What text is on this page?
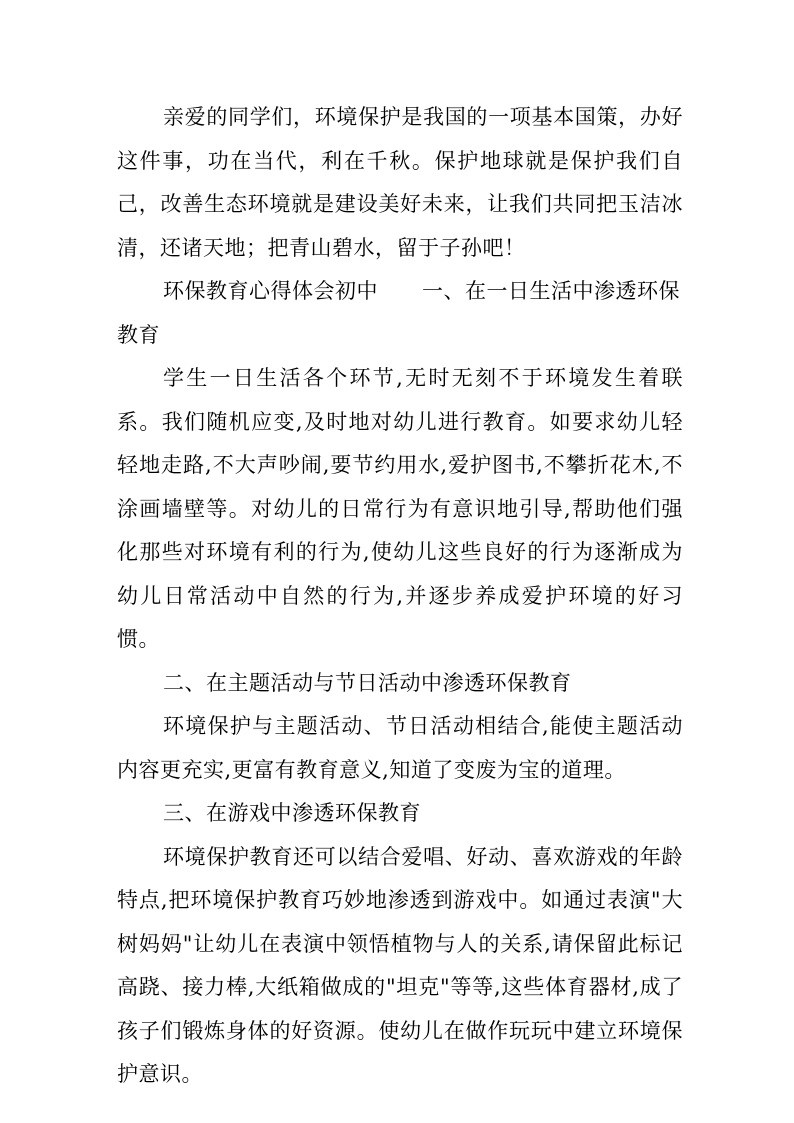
亲爱的同学们，环境保护是我国的一项基本国策，办好这件事，功在当代，利在千秋。保护地球就是保护我们自己，改善生态环境就是建设美好未来，让我们共同把玉洁冰清，还诸天地；把青山碧水，留于子孙吧！

环保教育心得体会初中 一、在一日生活中渗透环保教育

学生一日生活各个环节,无时无刻不于环境发生着联系。我们随机应变,及时地对幼儿进行教育。如要求幼儿轻轻地走路,不大声吵闹,要节约用水,爱护图书,不攀折花木,不涂画墙壁等。对幼儿的日常行为有意识地引导,帮助他们强化那些对环境有利的行为,使幼儿这些良好的行为逐渐成为幼儿日常活动中自然的行为,并逐步养成爱护环境的好习惯。

二、在主题活动与节日活动中渗透环保教育

环境保护与主题活动、节日活动相结合,能使主题活动内容更充实,更富有教育意义,知道了变废为宝的道理。

三、在游戏中渗透环保教育

环境保护教育还可以结合爱唱、好动、喜欢游戏的年龄特点,把环境保护教育巧妙地渗透到游戏中。如通过表演"大树妈妈"让幼儿在表演中领悟植物与人的关系,请保留此标记高跷、接力棒,大纸箱做成的"坦克"等等,这些体育器材,成了孩子们锻炼身体的好资源。使幼儿在做作玩玩中建立环境保护意识。
